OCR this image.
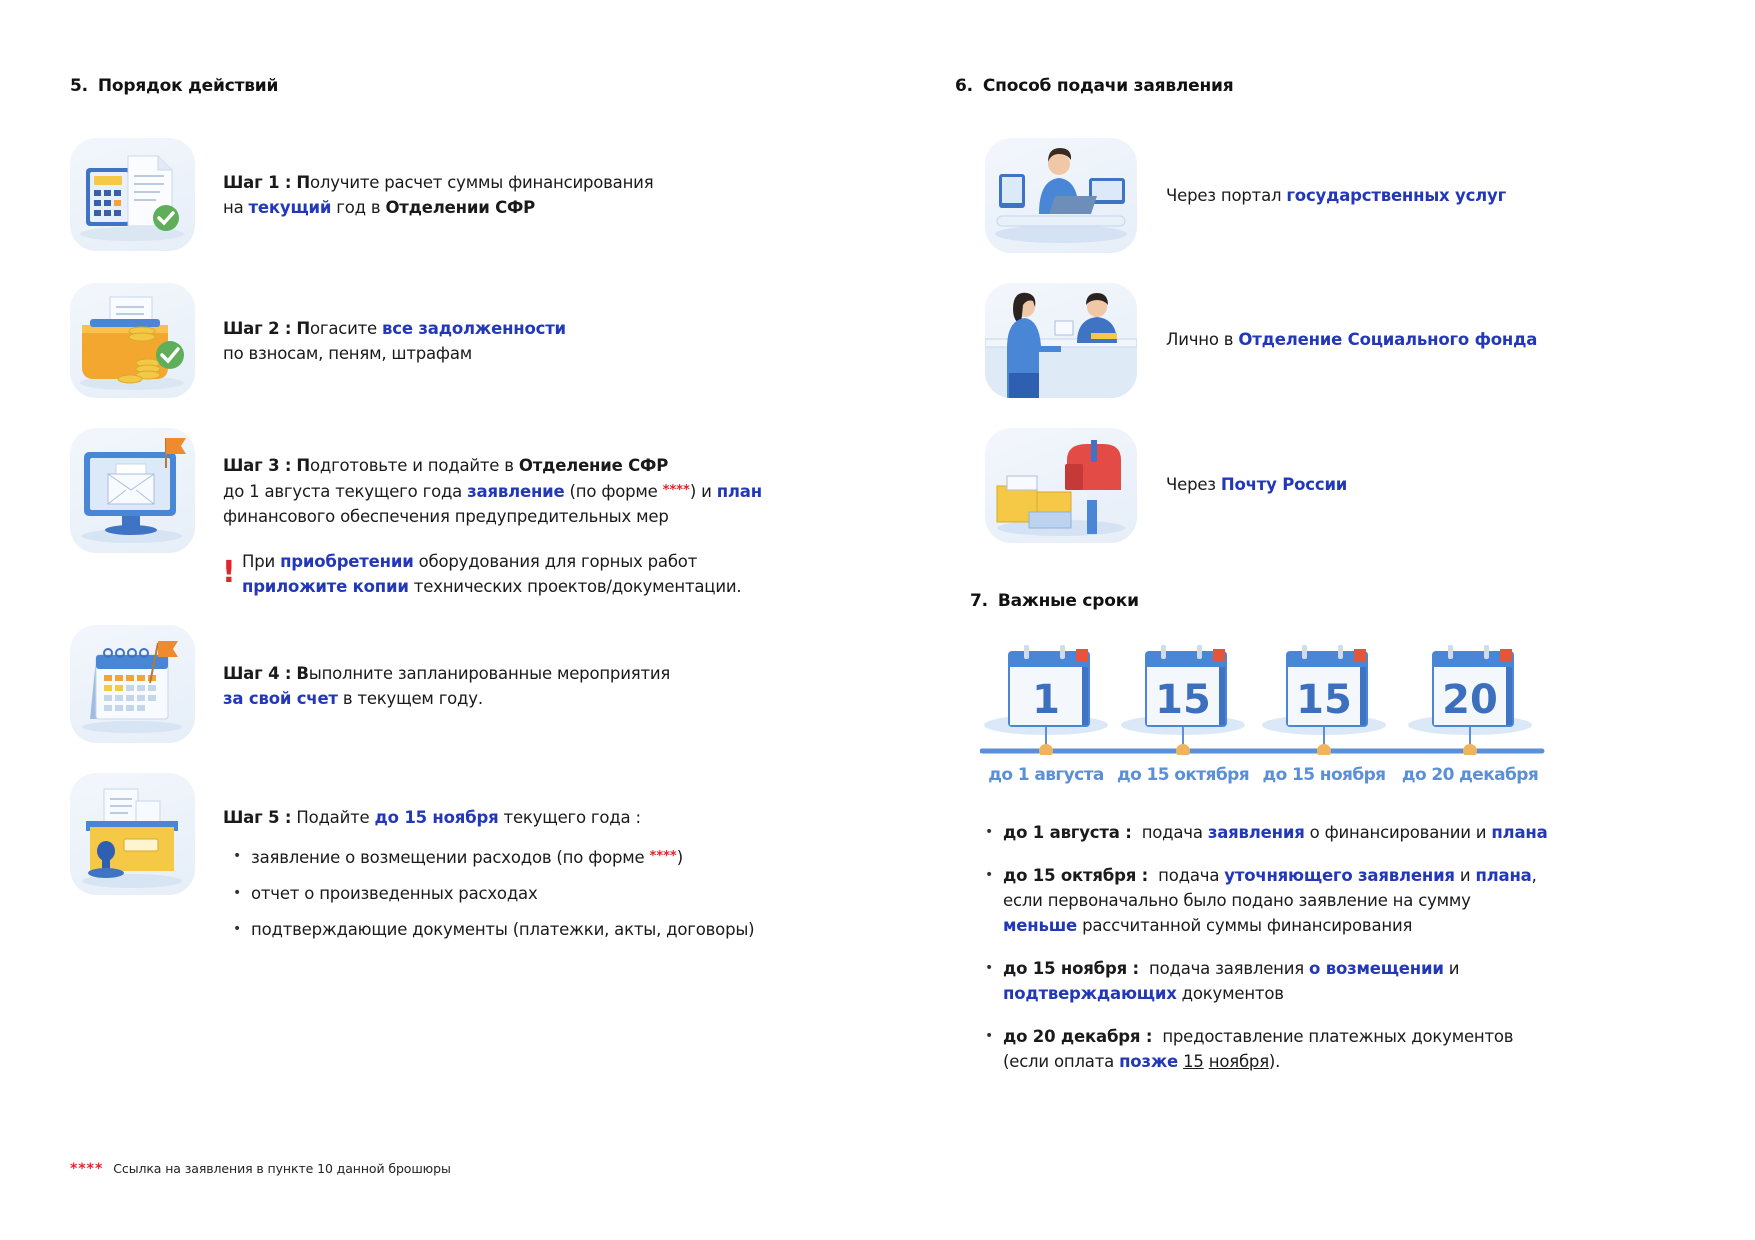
5. Порядок действий
Шаг 1 : Получите расчет суммы финансирования
на текущий год в Отделении СФР
Шаг 2 : Погасите все задолженности
по взносам, пеням, штрафам
Шаг 3 : Подготовьте и подайте в Отделение СФР
до 1 августа текущего года заявление (по форме ****) и план
финансового обеспечения предупредительных мер
! При приобретении оборудования для горных работ
приложите копии технических проектов/документации.
Шаг 4 : Выполните запланированные мероприятия
за свой счет в текущем году.
Шаг 5 : Подайте до 15 ноября текущего года :
• заявление о возмещении расходов (по форме ****)
• отчет о произведенных расходах
• подтверждающие документы (платежки, акты, договоры)
6. Способ подачи заявления
Через портал государственных услуг
Лично в Отделение Социального фонда
Через Почту России
7. Важные сроки
1 15 15 20
до 1 августа до 15 октября до 15 ноября до 20 декабря
• до 1 августа :  подача заявления о финансировании и плана
• до 15 октября :  подача уточняющего заявления и плана,
если первоначально было подано заявление на сумму
меньше рассчитанной суммы финансирования
• до 15 ноября :  подача заявления о возмещении и
подтверждающих документов
• до 20 декабря :  предоставление платежных документов
(если оплата позже 15 ноября).
**** Ссылка на заявления в пункте 10 данной брошюры
